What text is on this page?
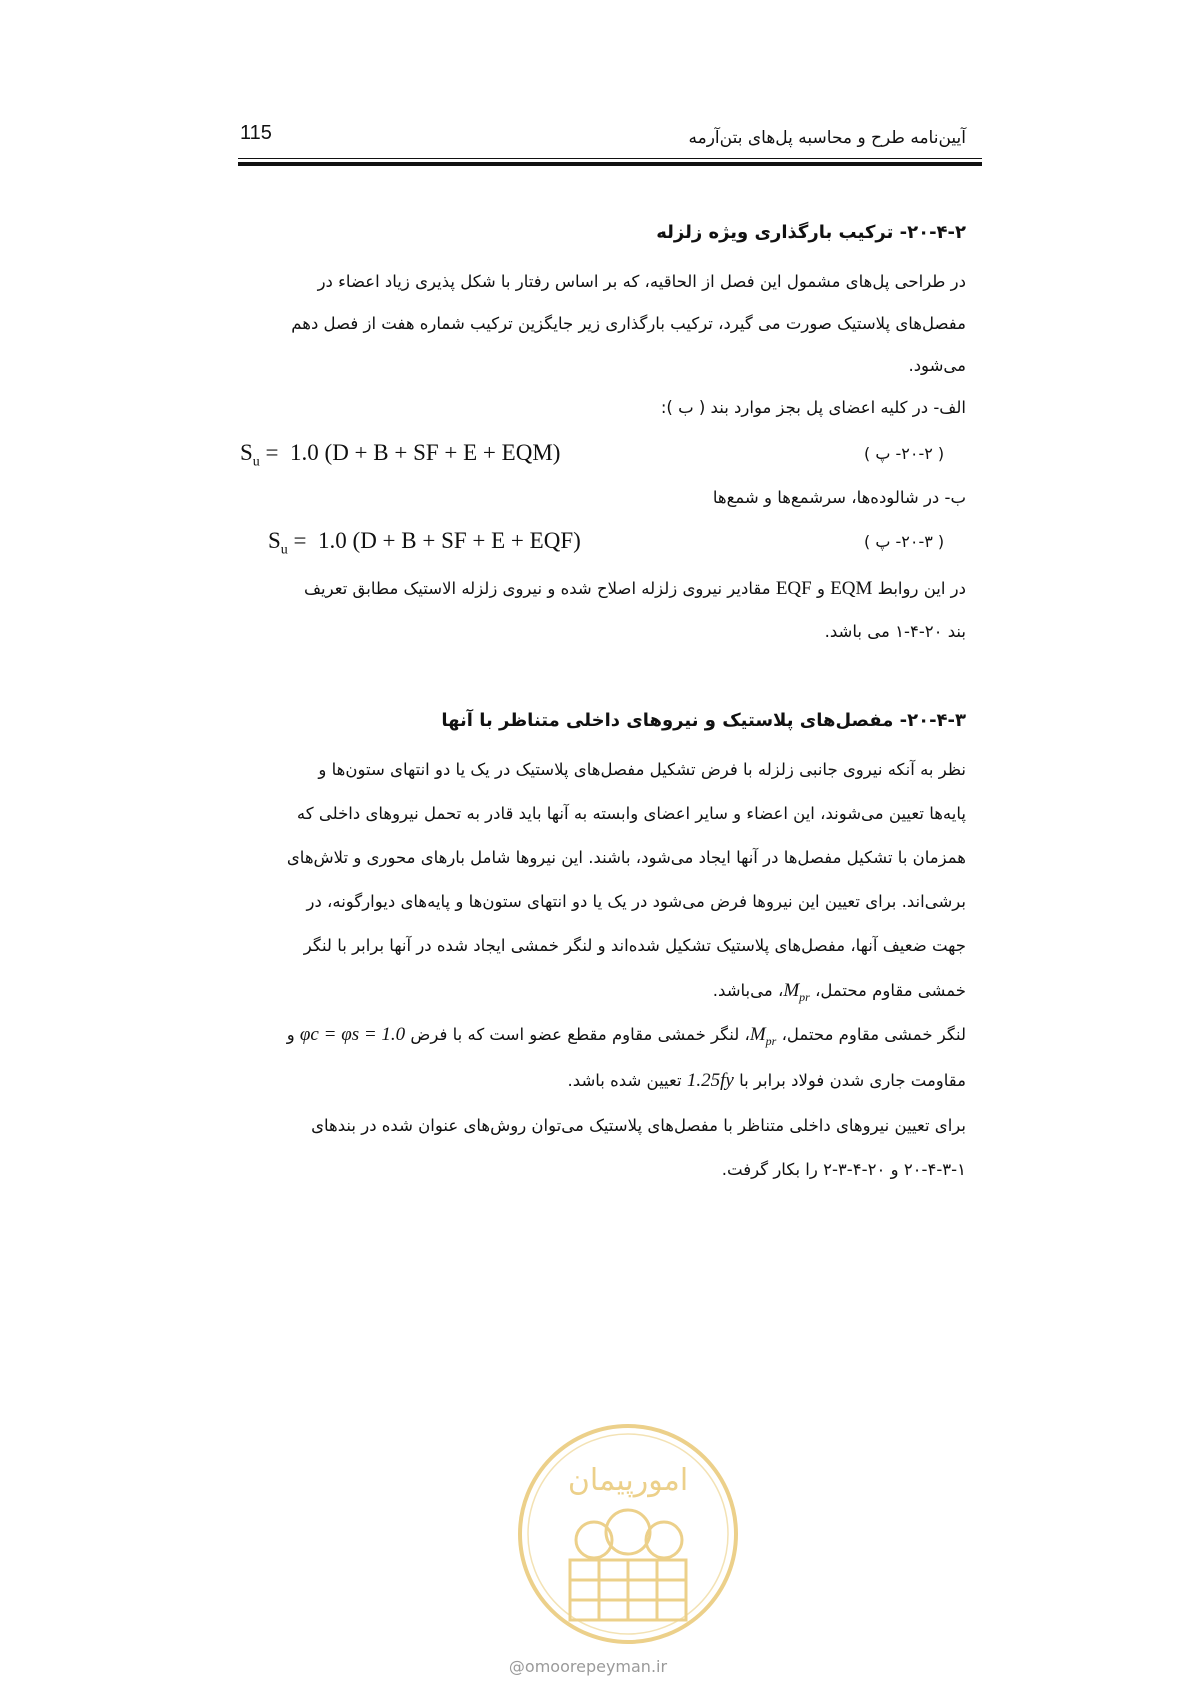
آیین‌نامه طرح و محاسبه پل‌های بتن‌آرمه
115
۲۰-۴-۲- ترکیب بارگذاری ویژه زلزله
در طراحی پل‌های مشمول این فصل از الحاقیه، که بر اساس رفتار با شکل پذیری زیاد اعضاء در
مفصل‌های پلاستیک صورت می گیرد، ترکیب بارگذاری زیر جایگزین ترکیب شماره هفت از فصل دهم
می‌شود.
الف- در کلیه اعضای پل بجز موارد بند ( ب ):
$S_u = 1.0$ (D + B + SF + E + EQM)	( ۲۰-۲- پ )
ب- در شالوده‌ها، سرشمع‌ها و شمع‌ها
$S_u = 1.0$ (D + B + SF + E + EQF)	( ۲۰-۳- پ )
در این روابط EQM و EQF مقادیر نیروی زلزله اصلاح شده و نیروی زلزله الاستیک مطابق تعریف
بند ۲۰-۴-۱ می باشد.
۲۰-۴-۳- مفصل‌های پلاستیک و نیروهای داخلی متناظر با آنها
نظر به آنکه نیروی جانبی زلزله با فرض تشکیل مفصل‌های پلاستیک در یک یا دو انتهای ستون‌ها و
پایه‌ها تعیین می‌شوند، این اعضاء و سایر اعضای وابسته به آنها باید قادر به تحمل نیروهای داخلی که
همزمان با تشکیل مفصل‌ها در آنها ایجاد می‌شود، باشند. این نیروها شامل بارهای محوری و تلاش‌های
برشی‌اند. برای تعیین این نیروها فرض می‌شود در یک یا دو انتهای ستون‌ها و پایه‌های دیوارگونه، در
جهت ضعیف آنها، مفصل‌های پلاستیک تشکیل شده‌اند و لنگر خمشی ایجاد شده در آنها برابر با لنگر
خمشی مقاوم محتمل، $M_{pr}،$ می‌باشد.
لنگر خمشی مقاوم محتمل، $M_{pr}،$ لنگر خمشی مقاوم مقطع عضو است که با فرض φc = φs = 1.0 و
مقاومت جاری شدن فولاد برابر با 1.25fy تعیین شده باشد.
برای تعیین نیروهای داخلی متناظر با مفصل‌های پلاستیک می‌توان روش‌های عنوان شده در بندهای
۲۰-۴-۳-۱ و ۲۰-۴-۳-۲ را بکار گرفت.
امورپیمان
@omoorepeyman.ir
